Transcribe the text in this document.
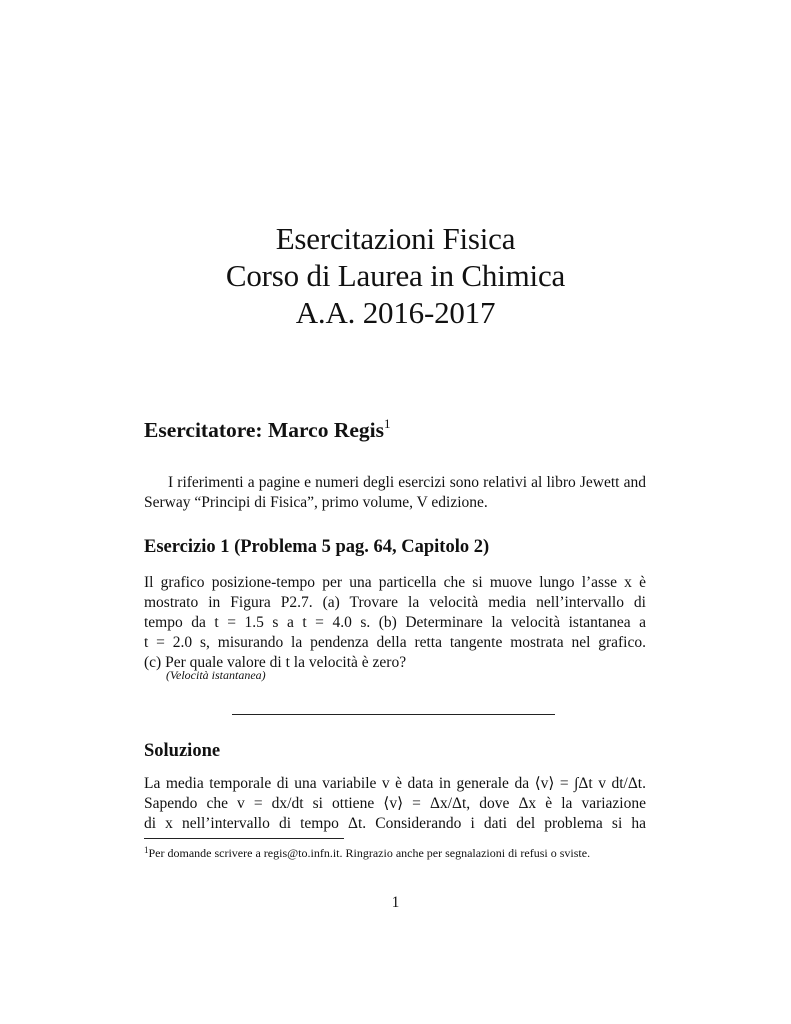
Esercitazioni Fisica
Corso di Laurea in Chimica
A.A. 2016-2017
Esercitatore: Marco Regis$^1$
I riferimenti a pagine e numeri degli esercizi sono relativi al libro Jewett and Serway “Principi di Fisica”, primo volume, V edizione.
Esercizio 1 (Problema 5 pag. 64, Capitolo 2)
Il grafico posizione-tempo per una particella che si muove lungo l’asse x è
mostrato in Figura P2.7. (a) Trovare la velocità media nell’intervallo di
tempo da t = 1.5 s a t = 4.0 s. (b) Determinare la velocità istantanea a
t = 2.0 s, misurando la pendenza della retta tangente mostrata nel grafico.
(c) Per quale valore di t la velocità è zero?
(Velocità istantanea)
Soluzione
La media temporale di una variabile v è data in generale da ⟨v⟩ = ∫Δt v dt/Δt.
Sapendo che v = dx/dt si ottiene ⟨v⟩ = Δx/Δt, dove Δx è la variazione
di x nell’intervallo di tempo Δt. Considerando i dati del problema si ha
$^1$Per domande scrivere a regis@to.infn.it. Ringrazio anche per segnalazioni di refusi o sviste.
1
